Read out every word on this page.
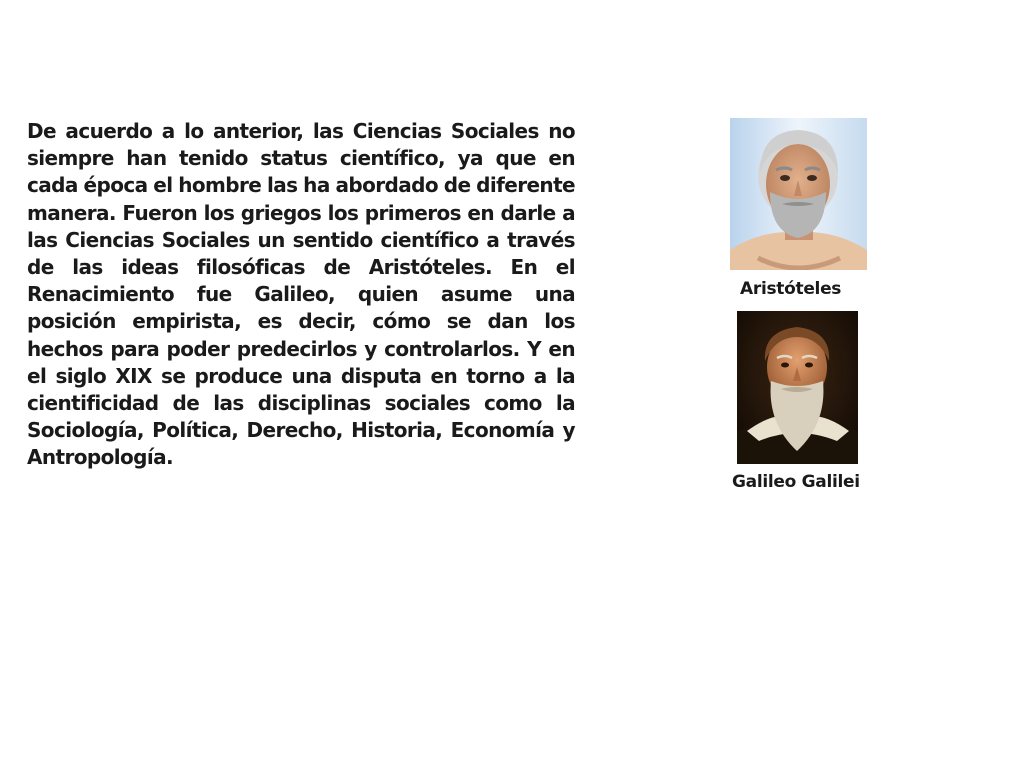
De acuerdo a lo anterior, las Ciencias Sociales no siempre han tenido status científico, ya que en cada época el hombre las ha abordado de diferente manera. Fueron los griegos los primeros en darle a las Ciencias Sociales un sentido científico a través de las ideas filosóficas de Aristóteles. En el Renacimiento fue Galileo, quien asume una posición empirista, es decir, cómo se dan los hechos para poder predecirlos y controlarlos. Y en el siglo XIX se produce una disputa en torno a la cientificidad de las disciplinas sociales como la Sociología, Política, Derecho, Historia, Economía y Antropología.

Aristóteles

Galileo Galilei
